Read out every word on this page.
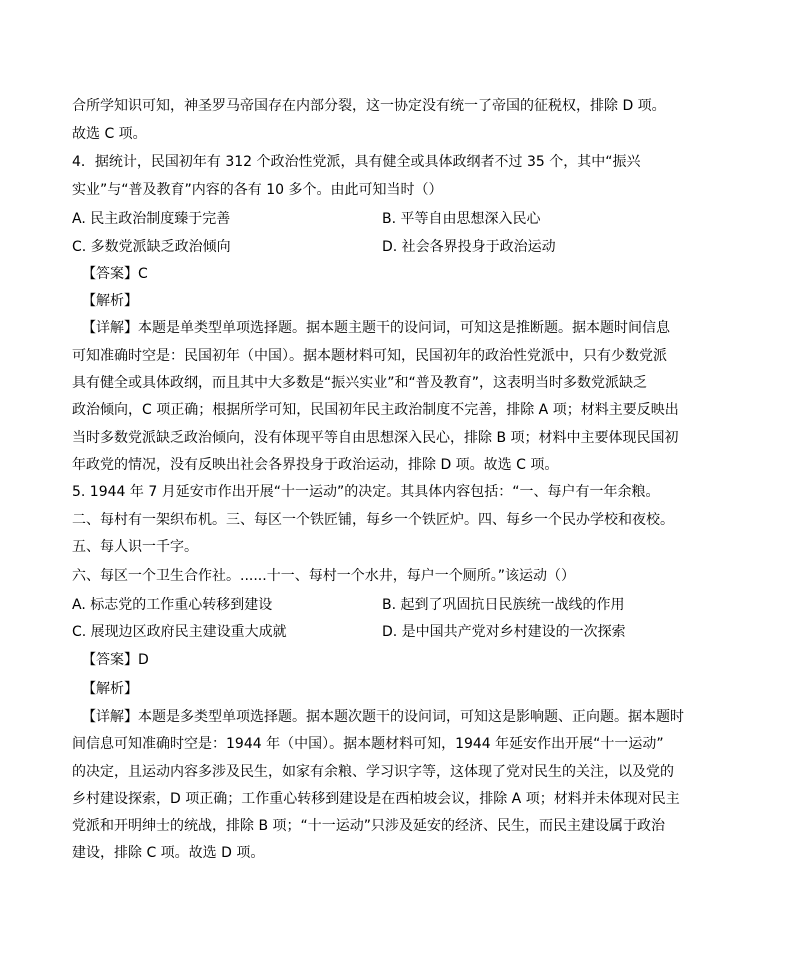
合所学知识可知，神圣罗马帝国存在内部分裂，这一协定没有统一了帝国的征税权，排除 D 项。
故选 C 项。
4．据统计，民国初年有 312 个政治性党派，具有健全或具体政纲者不过 35 个，其中“振兴
实业”与“普及教育”内容的各有 10 多个。由此可知当时（）
A. 民主政治制度臻于完善	B. 平等自由思想深入民心
C. 多数党派缺乏政治倾向	D. 社会各界投身于政治运动
【答案】C
【解析】
【详解】本题是单类型单项选择题。据本题主题干的设问词，可知这是推断题。据本题时间信息
可知准确时空是：民国初年（中国）。据本题材料可知，民国初年的政治性党派中，只有少数党派
具有健全或具体政纲，而且其中大多数是“振兴实业”和“普及教育”，这表明当时多数党派缺乏
政治倾向，C 项正确；根据所学可知，民国初年民主政治制度不完善，排除 A 项；材料主要反映出
当时多数党派缺乏政治倾向，没有体现平等自由思想深入民心，排除 B 项；材料中主要体现民国初
年政党的情况，没有反映出社会各界投身于政治运动，排除 D 项。故选 C 项。
5. 1944 年 7 月延安市作出开展“十一运动”的决定。其具体内容包括：“一、每户有一年余粮。
二、每村有一架织布机。三、每区一个铁匠铺，每乡一个铁匠炉。四、每乡一个民办学校和夜校。
五、每人识一千字。
六、每区一个卫生合作社。......十一、每村一个水井，每户一个厕所。”该运动（）
A. 标志党的工作重心转移到建设	B. 起到了巩固抗日民族统一战线的作用
C. 展现边区政府民主建设重大成就	D. 是中国共产党对乡村建设的一次探索
【答案】D
【解析】
【详解】本题是多类型单项选择题。据本题次题干的设问词，可知这是影响题、正向题。据本题时
间信息可知准确时空是：1944 年（中国）。据本题材料可知，1944 年延安作出开展“十一运动”
的决定，且运动内容多涉及民生，如家有余粮、学习识字等，这体现了党对民生的关注，以及党的
乡村建设探索，D 项正确；工作重心转移到建设是在西柏坡会议，排除 A 项；材料并未体现对民主
党派和开明绅士的统战，排除 B 项；“十一运动”只涉及延安的经济、民生，而民主建设属于政治
建设，排除 C 项。故选 D 项。
